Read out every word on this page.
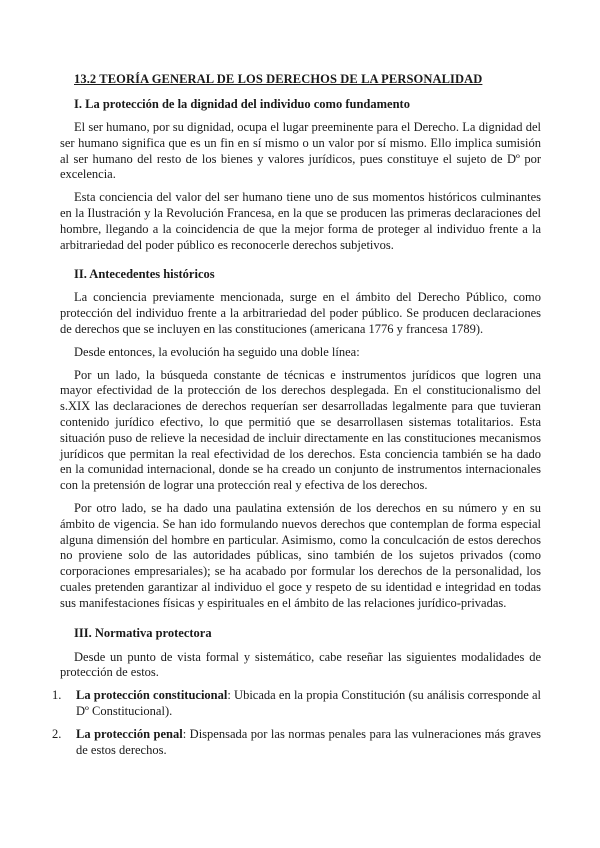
13.2 TEORÍA GENERAL DE LOS DERECHOS DE LA PERSONALIDAD
I. La protección de la dignidad del individuo como fundamento

El ser humano, por su dignidad, ocupa el lugar preeminente para el Derecho. La dignidad del ser humano significa que es un fin en sí mismo o un valor por sí mismo. Ello implica sumisión al ser humano del resto de los bienes y valores jurídicos, pues constituye el sujeto de Dº por excelencia.

Esta conciencia del valor del ser humano tiene uno de sus momentos históricos culminantes en la Ilustración y la Revolución Francesa, en la que se producen las primeras declaraciones del hombre, llegando a la coincidencia de que la mejor forma de proteger al individuo frente a la arbitrariedad del poder público es reconocerle derechos subjetivos.

II. Antecedentes históricos

La conciencia previamente mencionada, surge en el ámbito del Derecho Público, como protección del individuo frente a la arbitrariedad del poder público. Se producen declaraciones de derechos que se incluyen en las constituciones (americana 1776 y francesa 1789).

Desde entonces, la evolución ha seguido una doble línea:

Por un lado, la búsqueda constante de técnicas e instrumentos jurídicos que logren una mayor efectividad de la protección de los derechos desplegada. En el constitucionalismo del s.XIX las declaraciones de derechos requerían ser desarrolladas legalmente para que tuvieran contenido jurídico efectivo, lo que permitió que se desarrollasen sistemas totalitarios. Esta situación puso de relieve la necesidad de incluir directamente en las constituciones mecanismos jurídicos que permitan la real efectividad de los derechos. Esta conciencia también se ha dado en la comunidad internacional, donde se ha creado un conjunto de instrumentos internacionales con la pretensión de lograr una protección real y efectiva de los derechos.

Por otro lado, se ha dado una paulatina extensión de los derechos en su número y en su ámbito de vigencia. Se han ido formulando nuevos derechos que contemplan de forma especial alguna dimensión del hombre en particular. Asimismo, como la conculcación de estos derechos no proviene solo de las autoridades públicas, sino también de los sujetos privados (como corporaciones empresariales); se ha acabado por formular los derechos de la personalidad, los cuales pretenden garantizar al individuo el goce y respeto de su identidad e integridad en todas sus manifestaciones físicas y espirituales en el ámbito de las relaciones jurídico-privadas.

III. Normativa protectora

Desde un punto de vista formal y sistemático, cabe reseñar las siguientes modalidades de protección de estos.

1. La protección constitucional: Ubicada en la propia Constitución (su análisis corresponde al Dº Constitucional).
2. La protección penal: Dispensada por las normas penales para las vulneraciones más graves de estos derechos.
